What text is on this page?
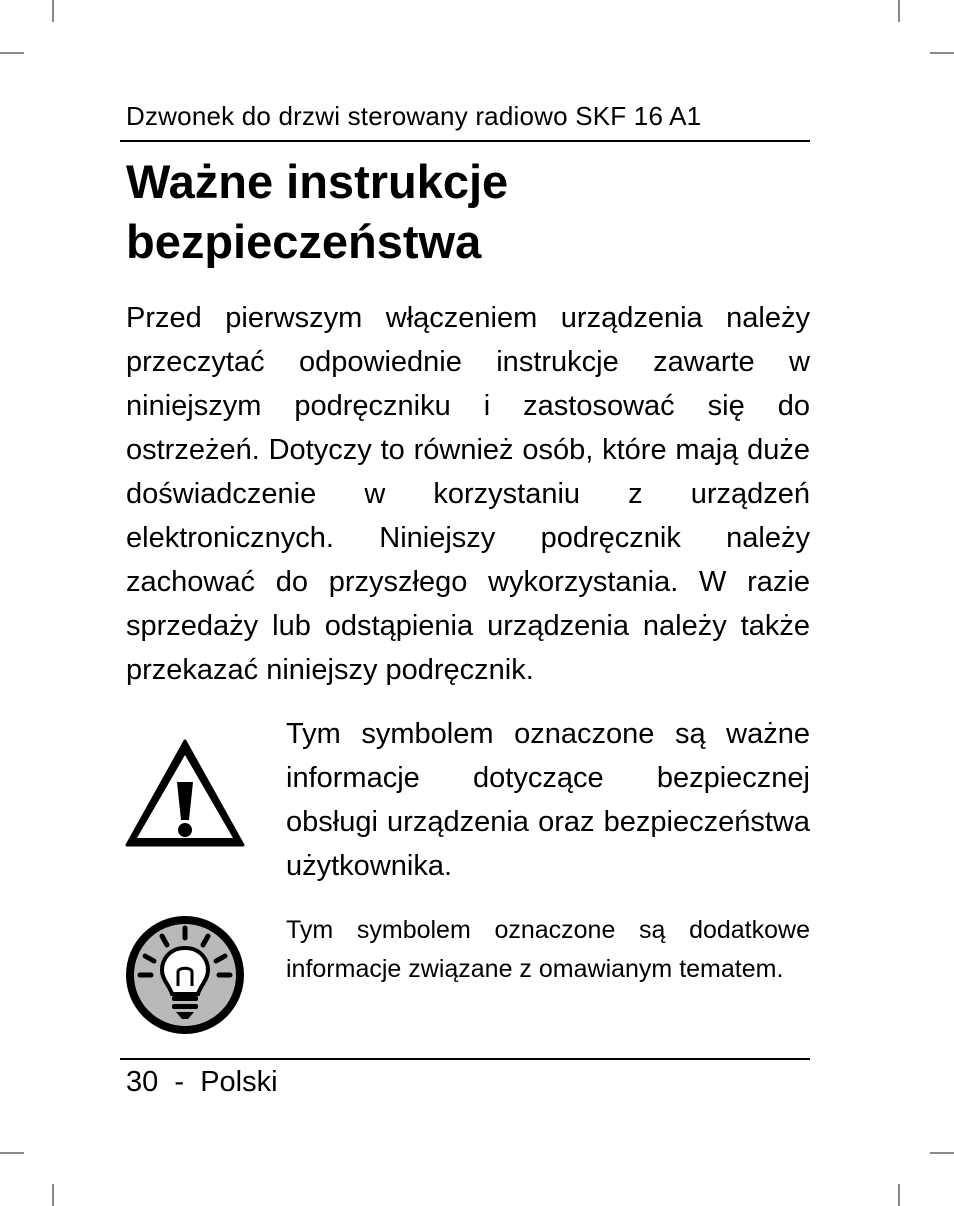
Dzwonek do drzwi sterowany radiowo SKF 16 A1
Ważne instrukcje
bezpieczeństwa

Przed pierwszym włączeniem urządzenia należy przeczytać odpowiednie instrukcje zawarte w niniejszym podręczniku i zastosować się do ostrzeżeń. Dotyczy to również osób, które mają duże doświadczenie w korzystaniu z urządzeń elektronicznych. Niniejszy podręcznik należy zachować do przyszłego wykorzystania. W razie sprzedaży lub odstąpienia urządzenia należy także przekazać niniejszy podręcznik.

Tym symbolem oznaczone są ważne informacje dotyczące bezpiecznej obsługi urządzenia oraz bezpieczeństwa użytkownika.

Tym symbolem oznaczone są dodatkowe informacje związane z omawianym tematem.

30 - Polski
